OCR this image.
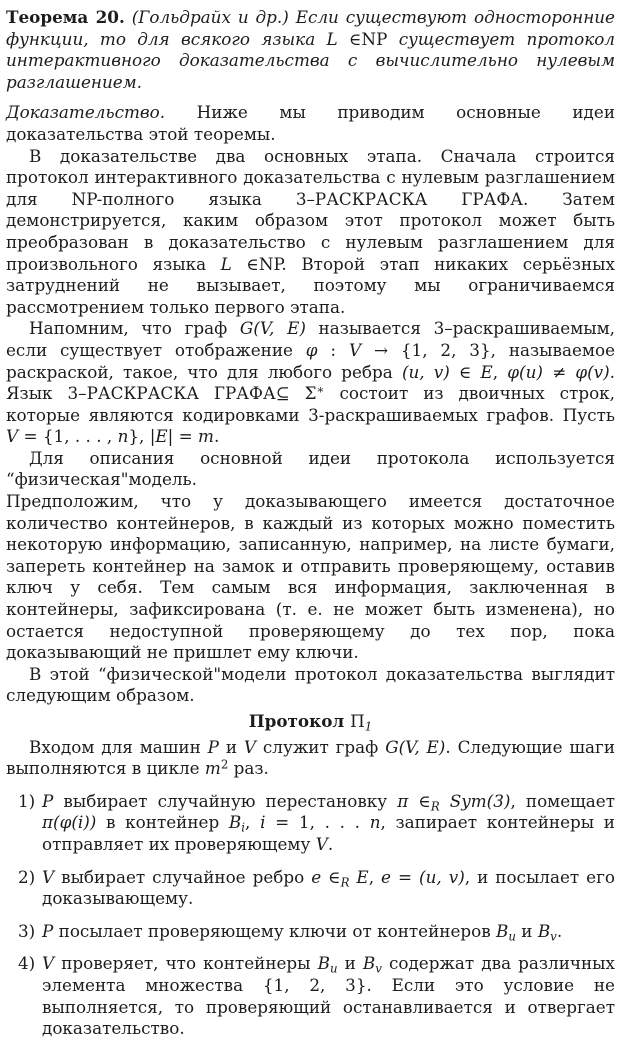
Теорема 20. (Гольдрайх и др.) Если существуют односторонние функции, то для всякого языка L ∈NP существует протокол интерактивного доказательства с вычислительно нулевым разглашением.

Доказательство. Ниже мы приводим основные идеи доказательства этой теоремы.

В доказательстве два основных этапа. Сначала строится протокол интерактивного доказательства с нулевым разглашением для NP-полного языка 3–РАСКРАСКА ГРАФА. Затем демонстрируется, каким образом этот протокол может быть преобразован в доказательство с нулевым разглашением для произвольного языка L ∈NP. Второй этап никаких серьёзных затруднений не вызывает, поэтому мы ограничиваемся рассмотрением только первого этапа.

Напомним, что граф G(V, E) называется 3–раскрашиваемым, если существует отображение φ : V → {1, 2, 3}, называемое раскраской, такое, что для любого ребра (u, v) ∈ E, φ(u) ≠ φ(v). Язык 3–РАСКРАСКА ГРАФА⊆ Σ∗ состоит из двоичных строк, которые являются кодировками 3-раскрашиваемых графов. Пусть V = {1, . . . , n}, |E| = m.

Для описания основной идеи протокола используется “физическая"модель.

Предположим, что у доказывающего имеется достаточное количество контейнеров, в каждый из которых можно поместить некоторую информацию, записанную, например, на листе бумаги, запереть контейнер на замок и отправить проверяющему, оставив ключ у себя. Тем самым вся информация, заключенная в контейнеры, зафиксирована (т. е. не может быть изменена), но остается недоступной проверяющему до тех пор, пока доказывающий не пришлет ему ключи.

В этой “физической"модели протокол доказательства выглядит следующим образом.

Протокол $\Pi_1$

Входом для машин P и V служит граф G(V, E). Следующие шаги выполняются в цикле $m^2$ раз.

1) P выбирает случайную перестановку π $\in_R$ Sym(3), помещает π(φ(i)) в контейнер $B_i$, i = 1, . . . n, запирает контейнеры и отправляет их проверяющему V.
2) V выбирает случайное ребро e $\in_R$ E, e = (u, v), и посылает его доказывающему.
3) P посылает проверяющему ключи от контейнеров $B_u$ и $B_v$.
4) V проверяет, что контейнеры $B_u$ и $B_v$ содержат два различных элемента множества {1, 2, 3}. Если это условие не выполняется, то проверяющий останавливается и отвергает доказательство.
